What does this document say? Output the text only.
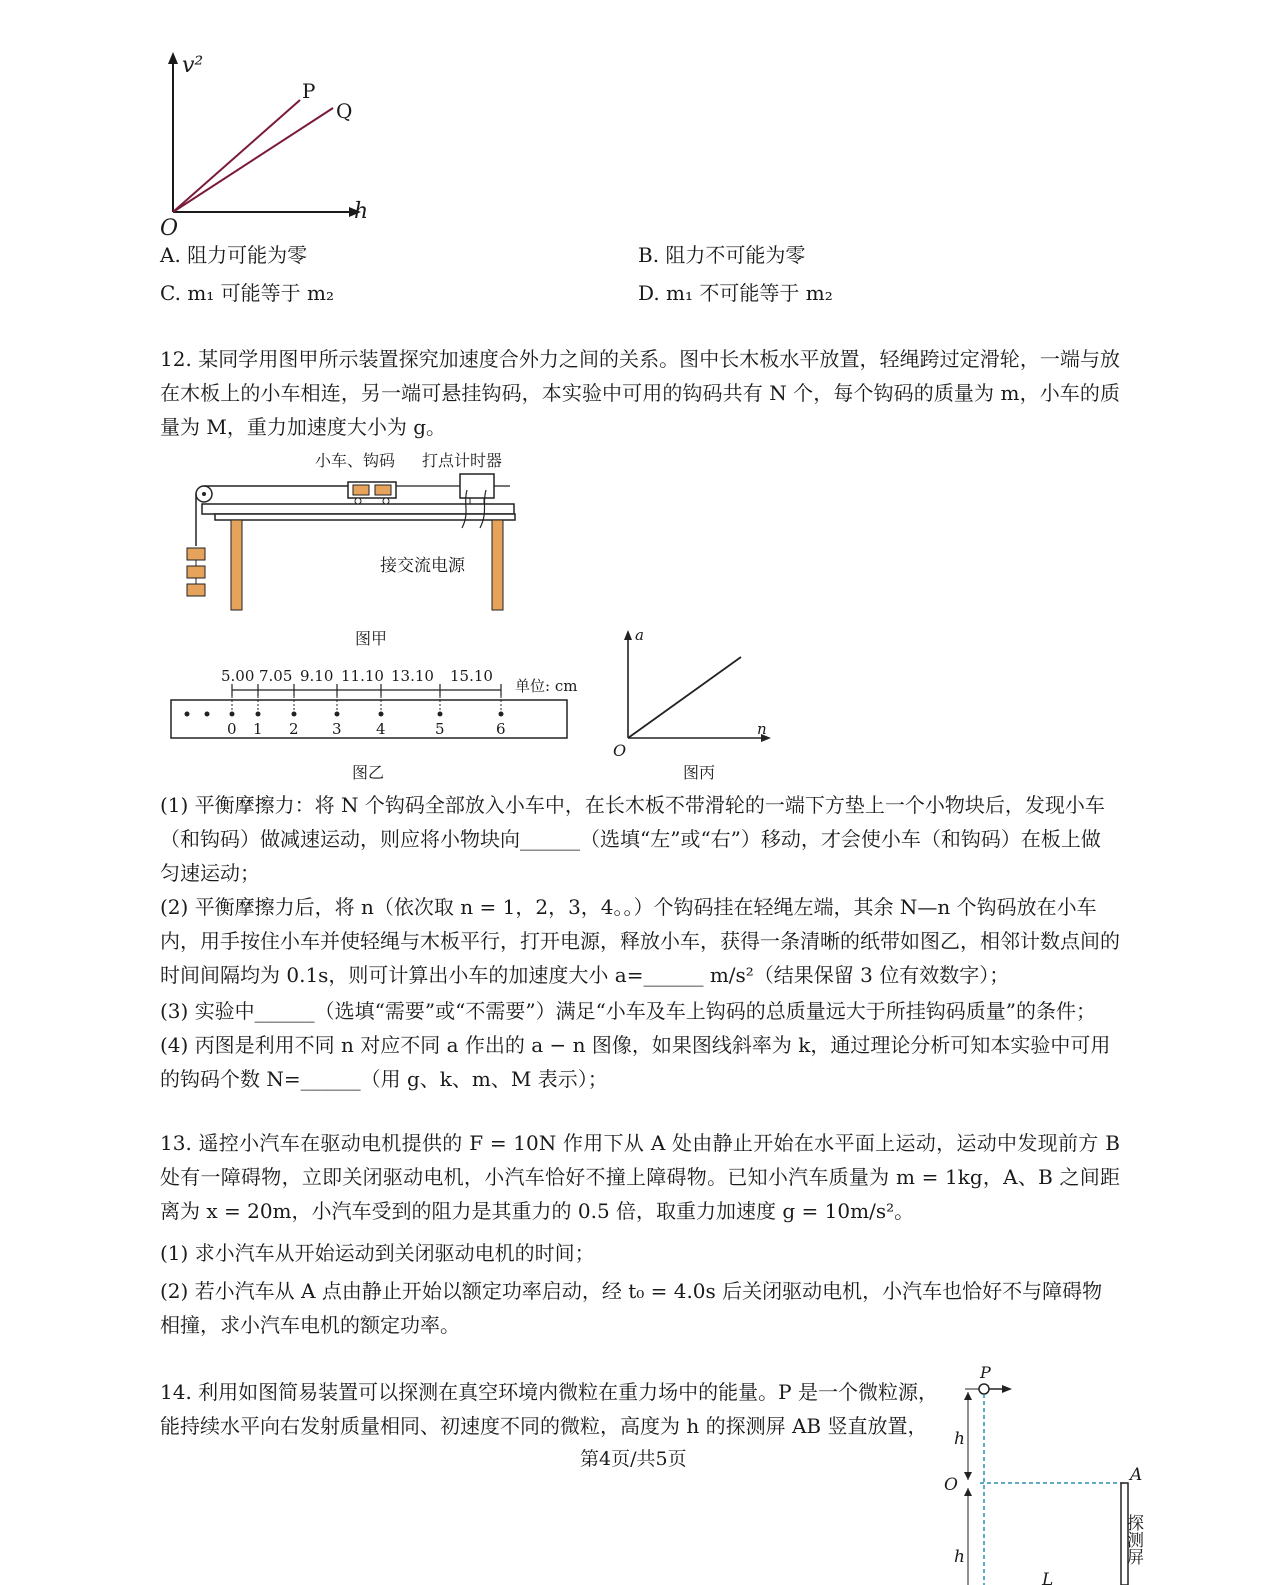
v²
h
O
P
Q
A. 阻力可能为零	B. 阻力不可能为零
C. m₁ 可能等于 m₂	D. m₁ 不可能等于 m₂
12. 某同学用图甲所示装置探究加速度合外力之间的关系。图中长木板水平放置，轻绳跨过定滑轮，一端与放在木板上的小车相连，另一端可悬挂钩码，本实验中可用的钩码共有 N 个，每个钩码的质量为 m，小车的质量为 M，重力加速度大小为 g。
小车、钩码 打点计时器
接交流电源
图甲
5.00 7.05 9.10 11.10 13.10 15.10
单位: cm
0 1 2 3 4	5	6
图乙
a
n
O
图丙
(1) 平衡摩擦力：将 N 个钩码全部放入小车中，在长木板不带滑轮的一端下方垫上一个小物块后，发现小车（和钩码）做减速运动，则应将小物块向______（选填“左”或“右”）移动，才会使小车（和钩码）在板上做匀速运动；
(2) 平衡摩擦力后，将 n（依次取 n = 1，2，3，4。。）个钩码挂在轻绳左端，其余 N—n 个钩码放在小车内，用手按住小车并使轻绳与木板平行，打开电源，释放小车，获得一条清晰的纸带如图乙，相邻计数点间的时间间隔均为 0.1s，则可计算出小车的加速度大小 a=______ m/s²（结果保留 3 位有效数字）；
(3) 实验中______（选填“需要”或“不需要”）满足“小车及车上钩码的总质量远大于所挂钩码质量”的条件；
(4) 丙图是利用不同 n 对应不同 a 作出的 a − n 图像，如果图线斜率为 k，通过理论分析可知本实验中可用的钩码个数 N=______（用 g、k、m、M 表示）；
13. 遥控小汽车在驱动电机提供的 F = 10N 作用下从 A 处由静止开始在水平面上运动，运动中发现前方 B 处有一障碍物，立即关闭驱动电机，小汽车恰好不撞上障碍物。已知小汽车质量为 m = 1kg，A、B 之间距离为 x = 20m，小汽车受到的阻力是其重力的 0.5 倍，取重力加速度 g = 10m/s²。
(1) 求小汽车从开始运动到关闭驱动电机的时间；
(2) 若小汽车从 A 点由静止开始以额定功率启动，经 t₀ = 4.0s 后关闭驱动电机，小汽车也恰好不与障碍物相撞，求小汽车电机的额定功率。
14. 利用如图简易装置可以探测在真空环境内微粒在重力场中的能量。P 是一个微粒源，能持续水平向右发射质量相同、初速度不同的微粒，高度为 h 的探测屏 AB 竖直放置，
P
h
h
O	A
探测屏
L
第4页/共5页
